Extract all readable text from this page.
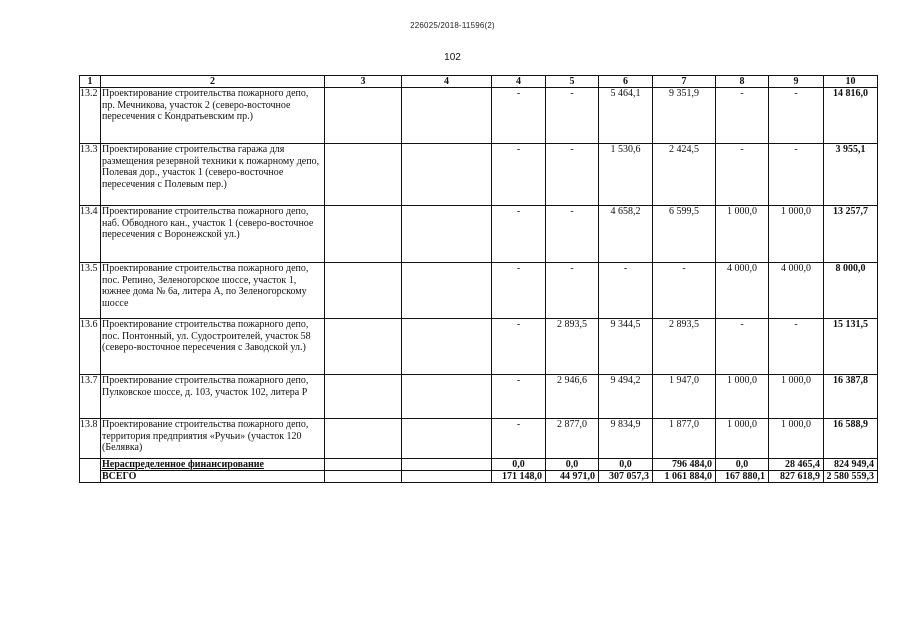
226025/2018-11596(2)
102
1	2	3	4	4	5	6	7	8	9	10
13.2	Проектирование строительства пожарного депо, пр. Мечникова, участок 2 (северо-восточное пересечения с Кондратьевским пр.)			-	-	5 464,1	9 351,9	-	-	14 816,0
13.3	Проектирование строительства гаража для размещения резервной техники к пожарному депо, Полевая дор., участок 1 (северо-восточное пересечения с Полевым пер.)			-	-	1 530,6	2 424,5	-	-	3 955,1
13.4	Проектирование строительства пожарного депо, наб. Обводного кан., участок 1 (северо-восточное пересечения с Воронежской ул.)			-	-	4 658,2	6 599,5	1 000,0	1 000,0	13 257,7
13.5	Проектирование строительства пожарного депо, пос. Репино, Зеленогорское шоссе, участок 1, южнее дома № 6а, литера А, по Зеленогорскому шоссе			-	-	-	-	4 000,0	4 000,0	8 000,0
13.6	Проектирование строительства пожарного депо, пос. Понтонный, ул. Судостроителей, участок 58 (северо-восточное пересечения с Заводской ул.)			-	2 893,5	9 344,5	2 893,5	-	-	15 131,5
13.7	Проектирование строительства пожарного депо, Пулковское шоссе, д. 103, участок 102, литера Р			-	2 946,6	9 494,2	1 947,0	1 000,0	1 000,0	16 387,8
13.8	Проектирование строительства пожарного депо, территория предприятия «Ручьи» (участок 120 (Белявка)			-	2 877,0	9 834,9	1 877,0	1 000,0	1 000,0	16 588,9
	Нераспределенное финансирование			0,0	0,0	0,0	796 484,0	0,0	28 465,4	824 949,4
	ВСЕГО			171 148,0	44 971,0	307 057,3	1 061 884,0	167 880,1	827 618,9	2 580 559,3
